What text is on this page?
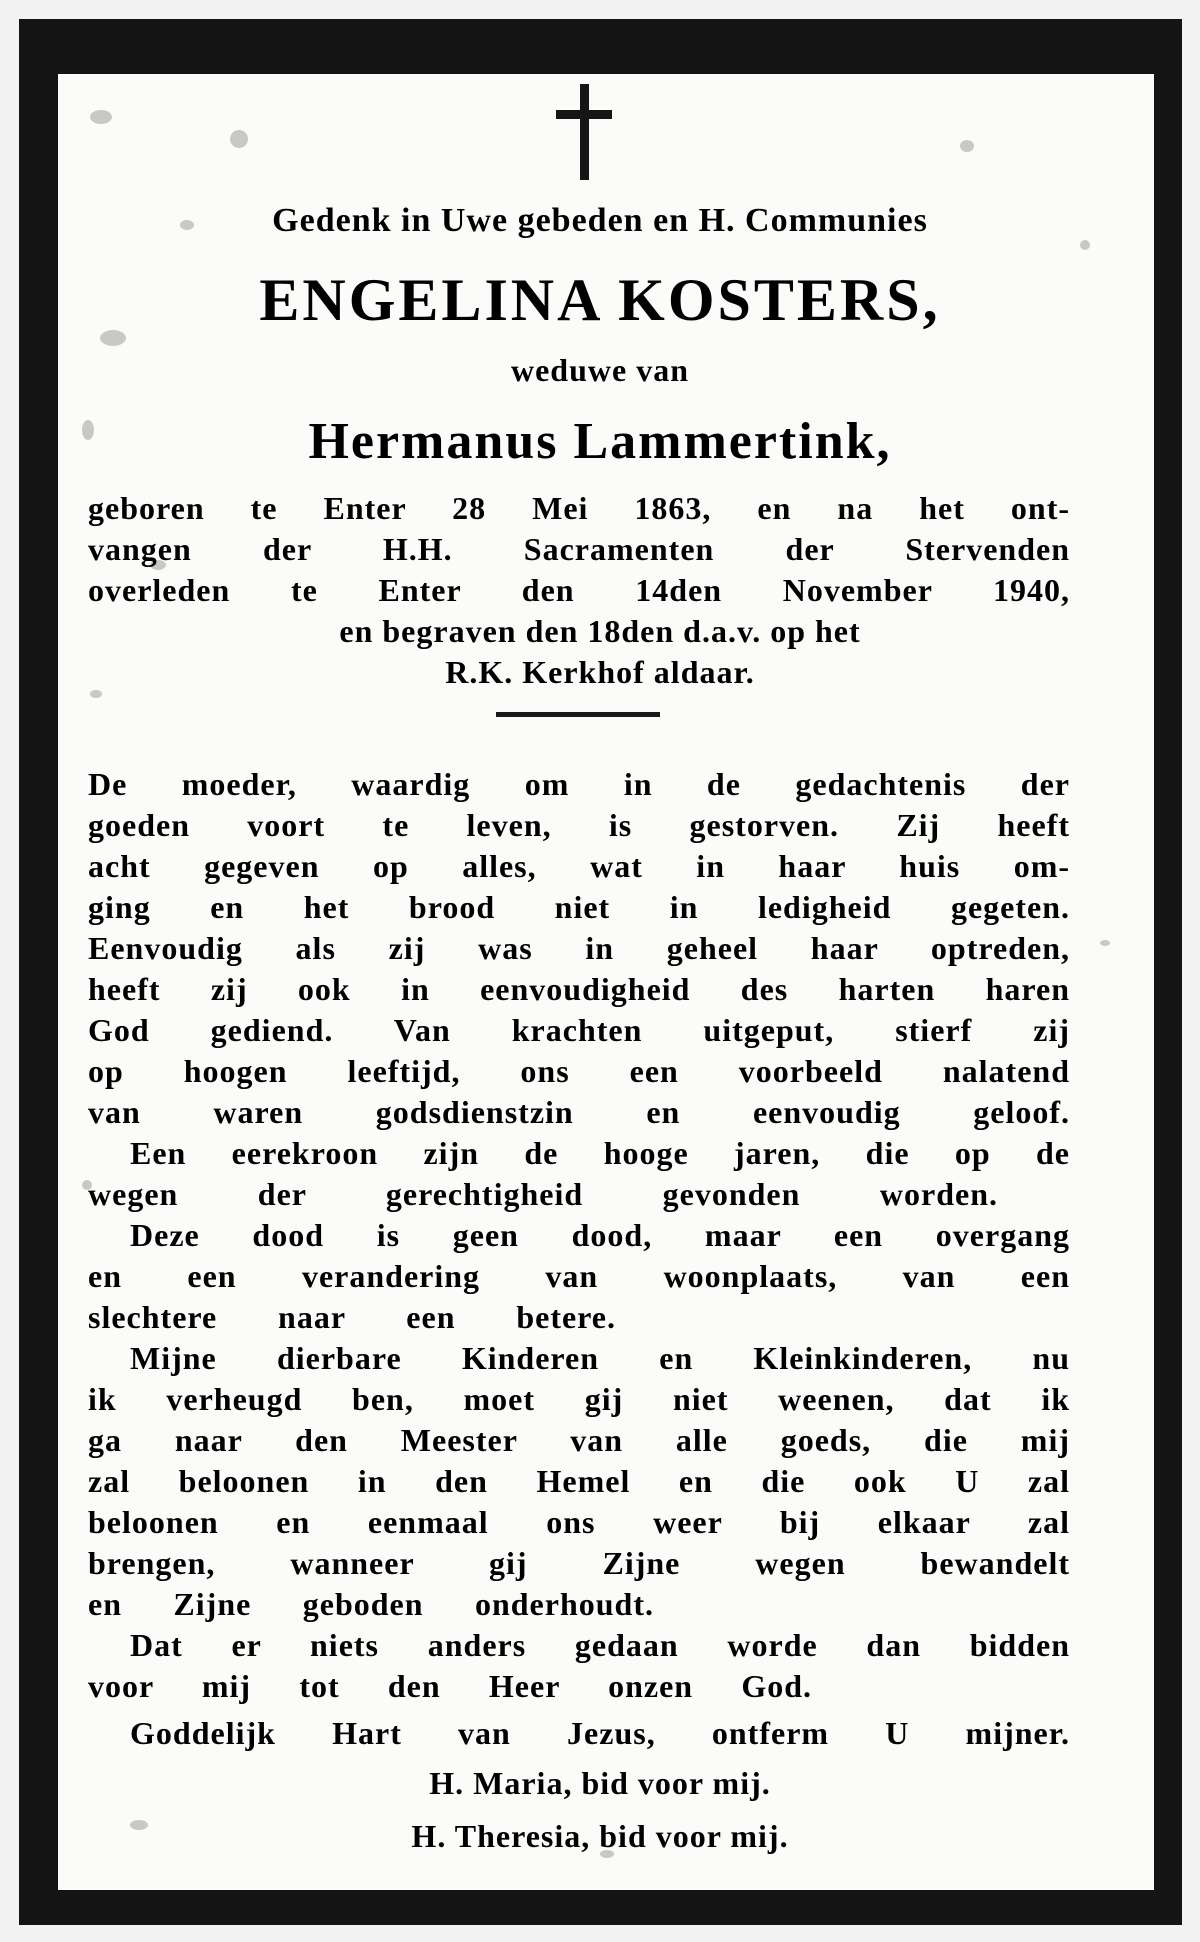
Gedenk in Uwe gebeden en H. Communies
ENGELINA KOSTERS,
weduwe van
Hermanus Lammertink,
geboren te Enter 28 Mei 1863, en na het ont-
vangen der H.H. Sacramenten der Stervenden
overleden te Enter den 14den November 1940,
en begraven den 18den d.a.v. op het
R.K. Kerkhof aldaar.
De moeder, waardig om in de gedachtenis der
goeden voort te leven, is gestorven. Zij heeft
acht gegeven op alles, wat in haar huis om-
ging en het brood niet in ledigheid gegeten.
Eenvoudig als zij was in geheel haar optreden,
heeft zij ook in eenvoudigheid des harten haren
God gediend. Van krachten uitgeput, stierf zij
op hoogen leeftijd, ons een voorbeeld nalatend
van waren godsdienstzin en eenvoudig geloof.
Een eerekroon zijn de hooge jaren, die op de
wegen der gerechtigheid gevonden worden.
Deze dood is geen dood, maar een overgang
en een verandering van woonplaats, van een
slechtere naar een betere.
Mijne dierbare Kinderen en Kleinkinderen, nu
ik verheugd ben, moet gij niet weenen, dat ik
ga naar den Meester van alle goeds, die mij
zal beloonen in den Hemel en die ook U zal
beloonen en eenmaal ons weer bij elkaar zal
brengen, wanneer gij Zijne wegen bewandelt
en Zijne geboden onderhoudt.
Dat er niets anders gedaan worde dan bidden
voor mij tot den Heer onzen God.
Goddelijk Hart van Jezus, ontferm U mijner.
H. Maria, bid voor mij.
H. Theresia, bid voor mij.
